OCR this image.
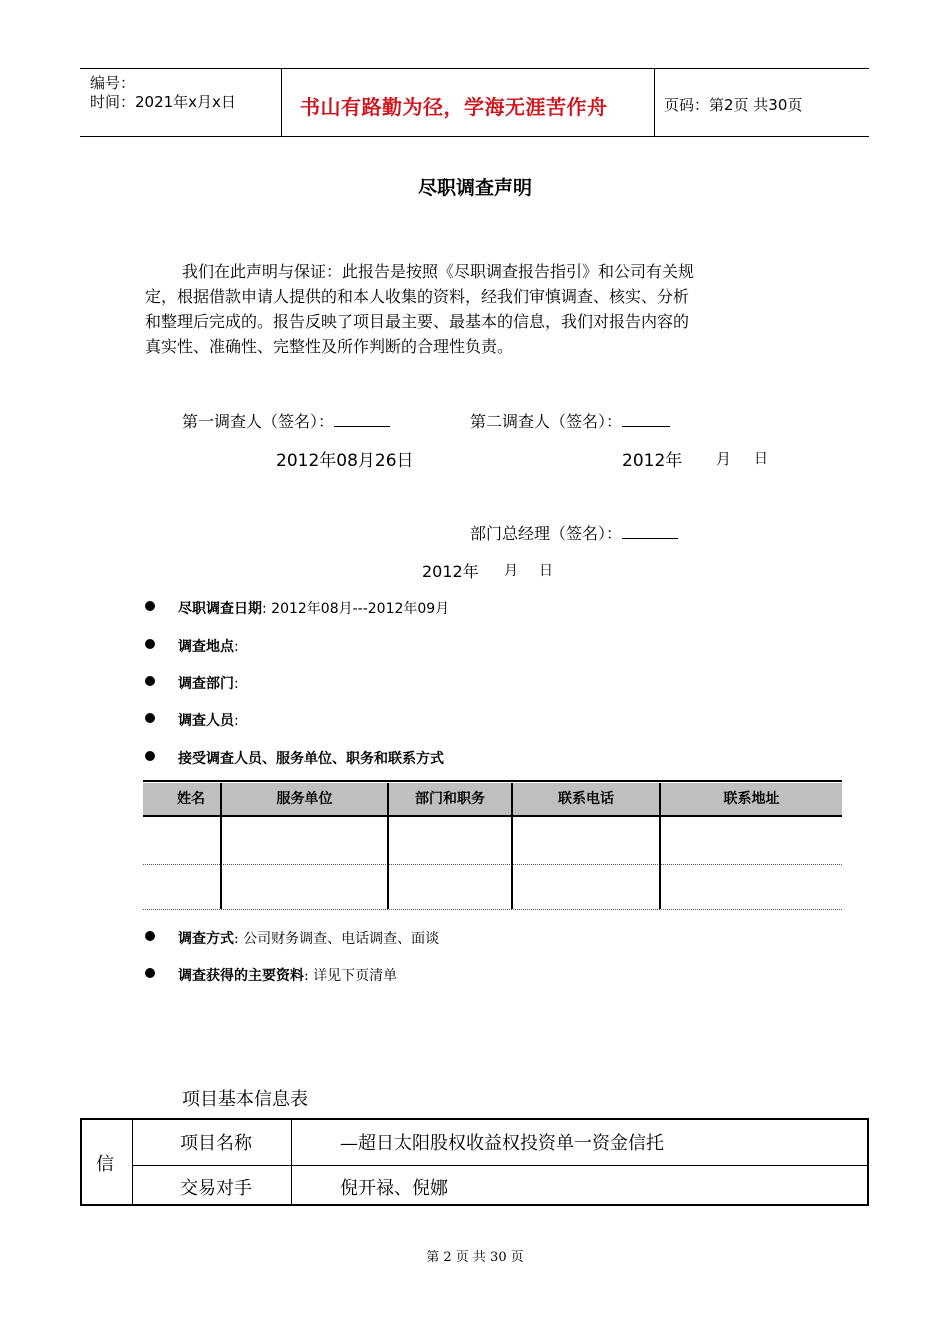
编号：
时间：2021年x月x日	书山有路勤为径，学海无涯苦作舟	页码：第2页 共30页
尽职调查声明
我们在此声明与保证：此报告是按照《尽职调查报告指引》和公司有关规
定，根据借款申请人提供的和本人收集的资料，经我们审慎调查、核实、分析
和整理后完成的。报告反映了项目最主要、最基本的信息，我们对报告内容的
真实性、准确性、完整性及所作判断的合理性负责。
第一调查人（签名）：	第二调查人（签名）：
2012年08月26日	2012年 月 日
部门总经理（签名）：
2012年 月 日
尽职调查日期: 2012年08月---2012年09月
调查地点:
调查部门:
调查人员:
接受调查人员、服务单位、职务和联系方式
姓名	服务单位	部门和职务	联系电话	联系地址
调查方式: 公司财务调查、电话调查、面谈
调查获得的主要资料: 详见下页清单
项目基本信息表
信
项目名称	—超日太阳股权收益权投资单一资金信托
交易对手	倪开禄、倪娜
第 2 页 共 30 页
